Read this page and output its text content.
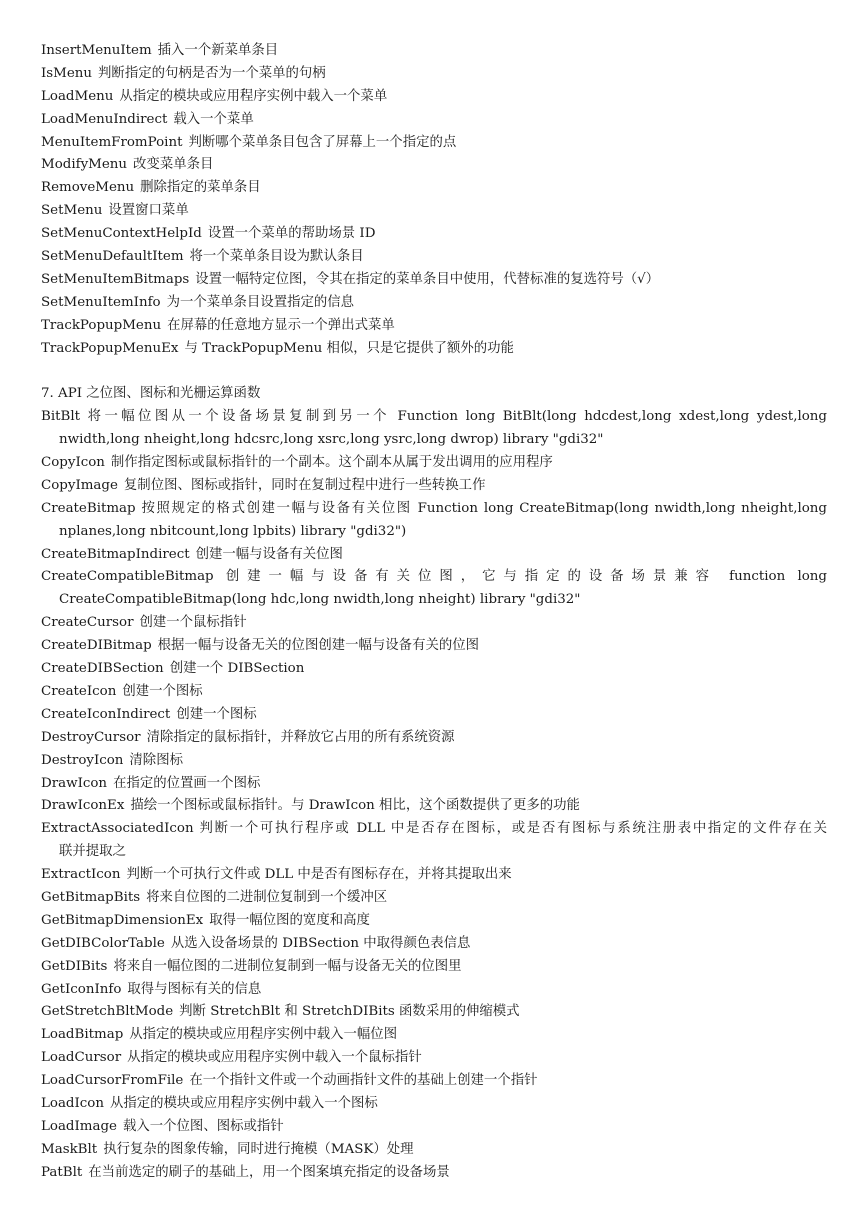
InsertMenuItem 插入一个新菜单条目
IsMenu 判断指定的句柄是否为一个菜单的句柄
LoadMenu 从指定的模块或应用程序实例中载入一个菜单
LoadMenuIndirect 载入一个菜单
MenuItemFromPoint 判断哪个菜单条目包含了屏幕上一个指定的点
ModifyMenu 改变菜单条目
RemoveMenu 删除指定的菜单条目
SetMenu 设置窗口菜单
SetMenuContextHelpId 设置一个菜单的帮助场景 ID
SetMenuDefaultItem 将一个菜单条目设为默认条目
SetMenuItemBitmaps 设置一幅特定位图，令其在指定的菜单条目中使用，代替标准的复选符号（√）
SetMenuItemInfo 为一个菜单条目设置指定的信息
TrackPopupMenu 在屏幕的任意地方显示一个弹出式菜单
TrackPopupMenuEx 与 TrackPopupMenu 相似，只是它提供了额外的功能
7. API 之位图、图标和光栅运算函数
BitBlt 将一幅位图从一个设备场景复制到另一个 Function long BitBlt(long hdcdest,long xdest,long ydest,long
nwidth,long nheight,long hdcsrc,long xsrc,long ysrc,long dwrop) library "gdi32"
CopyIcon 制作指定图标或鼠标指针的一个副本。这个副本从属于发出调用的应用程序
CopyImage 复制位图、图标或指针，同时在复制过程中进行一些转换工作
CreateBitmap 按照规定的格式创建一幅与设备有关位图 Function long CreateBitmap(long nwidth,long nheight,long
nplanes,long nbitcount,long lpbits) library "gdi32")
CreateBitmapIndirect 创建一幅与设备有关位图
CreateCompatibleBitmap 创建一幅与设备有关位图，它与指定的设备场景兼容 function long
CreateCompatibleBitmap(long hdc,long nwidth,long nheight) library "gdi32"
CreateCursor 创建一个鼠标指针
CreateDIBitmap 根据一幅与设备无关的位图创建一幅与设备有关的位图
CreateDIBSection 创建一个 DIBSection
CreateIcon 创建一个图标
CreateIconIndirect 创建一个图标
DestroyCursor 清除指定的鼠标指针，并释放它占用的所有系统资源
DestroyIcon 清除图标
DrawIcon 在指定的位置画一个图标
DrawIconEx 描绘一个图标或鼠标指针。与 DrawIcon 相比，这个函数提供了更多的功能
ExtractAssociatedIcon 判断一个可执行程序或 DLL 中是否存在图标，或是否有图标与系统注册表中指定的文件存在关
联并提取之
ExtractIcon 判断一个可执行文件或 DLL 中是否有图标存在，并将其提取出来
GetBitmapBits 将来自位图的二进制位复制到一个缓冲区
GetBitmapDimensionEx 取得一幅位图的宽度和高度
GetDIBColorTable 从选入设备场景的 DIBSection 中取得颜色表信息
GetDIBits 将来自一幅位图的二进制位复制到一幅与设备无关的位图里
GetIconInfo 取得与图标有关的信息
GetStretchBltMode 判断 StretchBlt 和 StretchDIBits 函数采用的伸缩模式
LoadBitmap 从指定的模块或应用程序实例中载入一幅位图
LoadCursor 从指定的模块或应用程序实例中载入一个鼠标指针
LoadCursorFromFile 在一个指针文件或一个动画指针文件的基础上创建一个指针
LoadIcon 从指定的模块或应用程序实例中载入一个图标
LoadImage 载入一个位图、图标或指针
MaskBlt 执行复杂的图象传输，同时进行掩模（MASK）处理
PatBlt 在当前选定的刷子的基础上，用一个图案填充指定的设备场景
